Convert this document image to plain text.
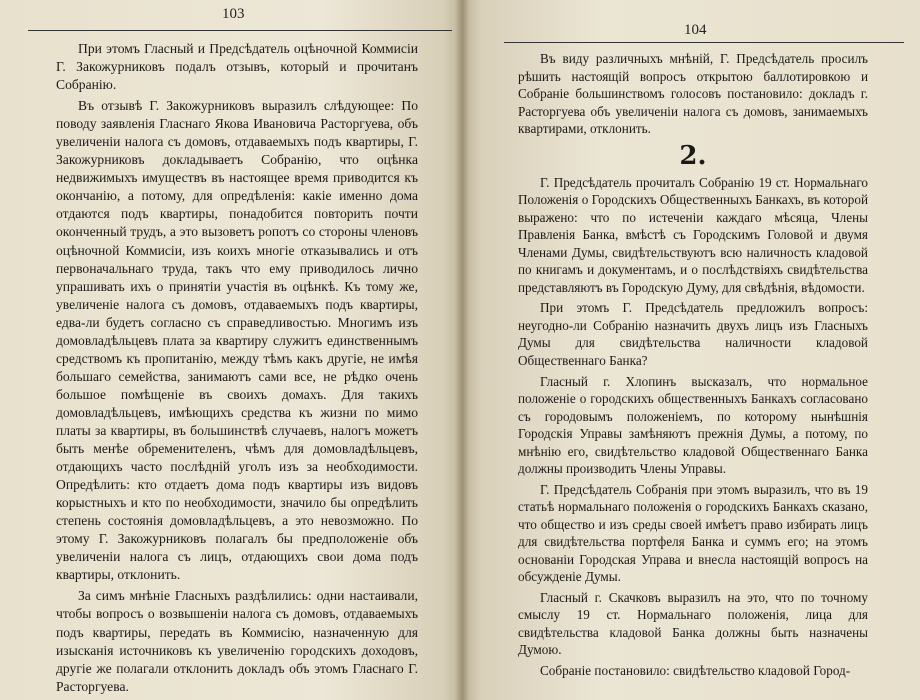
103

При этомъ Гласный и Предсѣдатель оцѣночной Коммисiи Г. Закожурниковъ подалъ отзывъ, который и прочитанъ Собранiю.

Въ отзывѣ Г. Закожурниковъ выразилъ слѣдующее: По поводу заявленiя Гласнаго Якова Ивановича Расторгуева, объ увеличенiи налога съ домовъ, отдаваемыхъ подъ квартиры, Г. Закожурниковъ докладываетъ Собранiю, что оцѣнка недвижимыхъ имуществъ въ настоящее время приводится къ окончанiю, а потому, для опредѣленiя: какiе именно дома отдаются подъ квартиры, понадобится повторить почти оконченный трудъ, а это вызоветъ ропотъ со стороны членовъ оцѣночной Коммисiи, изъ коихъ многiе отказывались и отъ первоначальнаго труда, такъ что ему приводилось лично упрашивать ихъ о принятiи участiя въ оцѣнкѣ. Къ тому же, увеличенiе налога съ домовъ, отдаваемыхъ подъ квартиры, едва-ли будетъ согласно съ справедливостью. Многимъ изъ домовладѣльцевъ плата за квартиру служитъ единственнымъ средствомъ къ пропитанiю, между тѣмъ какъ другiе, не имѣя большаго семейства, занимаютъ сами все, не рѣдко очень большое помѣщенiе въ своихъ домахъ. Для такихъ домовладѣльцевъ, имѣющихъ средства къ жизни по мимо платы за квартиры, въ большинствѣ случаевъ, налогъ можетъ быть менѣе обременителенъ, чѣмъ для домовладѣльцевъ, отдающихъ часто послѣднiй уголъ изъ за необходимости. Опредѣлить: кто отдаетъ дома подъ квартиры изъ видовъ корыстныхъ и кто по необходимости, значило бы опредѣлить степень состоянiя домовладѣльцевъ, а это невозможно. По этому Г. Закожурниковъ полагалъ бы предположенiе объ увеличенiи налога съ лицъ, отдающихъ свои дома подъ квартиры, отклонить.

За симъ мнѣнiе Гласныхъ раздѣлились: одни настаивали, чтобы вопросъ о возвышенiи налога съ домовъ, отдаваемыхъ подъ квартиры, передать въ Коммисiю, назначенную для изысканiя источниковъ къ увеличенiю городскихъ доходовъ, другiе же полагали отклонить докладъ объ этомъ Гласнаго Г. Расторгуева.

104

Въ виду различныхъ мнѣнiй, Г. Предсѣдатель просилъ рѣшить настоящiй вопросъ открытою баллотировкою и Собранiе большинствомъ голосовъ постановило: докладъ г. Расторгуева объ увеличенiи налога съ домовъ, занимаемыхъ квартирами, отклонить.

2.

Г. Предсѣдатель прочиталъ Собранiю 19 ст. Нормальнаго Положенiя о Городскихъ Общественныхъ Банкахъ, въ которой выражено: что по истеченiи каждаго мѣсяца, Члены Правленiя Банка, вмѣстѣ съ Городскимъ Головой и двумя Членами Думы, свидѣтельствуютъ всю наличность кладовой по книгамъ и документамъ, и о послѣдствiяхъ свидѣтельства представляютъ въ Городскую Думу, для свѣдѣнiя, вѣдомости.

При этомъ Г. Предсѣдатель предложилъ вопросъ: неугодно-ли Собранiю назначить двухъ лицъ изъ Гласныхъ Думы для свидѣтельства наличности кладовой Общественнаго Банка?

Гласный г. Хлопинъ высказалъ, что нормальное положенiе о городскихъ общественныхъ Банкахъ согласовано съ городовымъ положенiемъ, по которому нынѣшнiя Городскiя Управы замѣняютъ прежнiя Думы, а потому, по мнѣнiю его, свидѣтельство кладовой Общественнаго Банка должны производить Члены Управы.

Г. Предсѣдатель Собранiя при этомъ выразилъ, что въ 19 статьѣ нормальнаго положенiя о городскихъ Банкахъ сказано, что общество и изъ среды своей имѣетъ право избирать лицъ для свидѣтельства портфеля Банка и суммъ его; на этомъ основанiи Городская Управа и внесла настоящiй вопросъ на обсужденiе Думы.

Гласный г. Скачковъ выразилъ на это, что по точному смыслу 19 ст. Нормальнаго положенiя, лица для свидѣтельства кладовой Банка должны быть назначены Думою.

Собранiе постановило: свидѣтельство кладовой Город-
